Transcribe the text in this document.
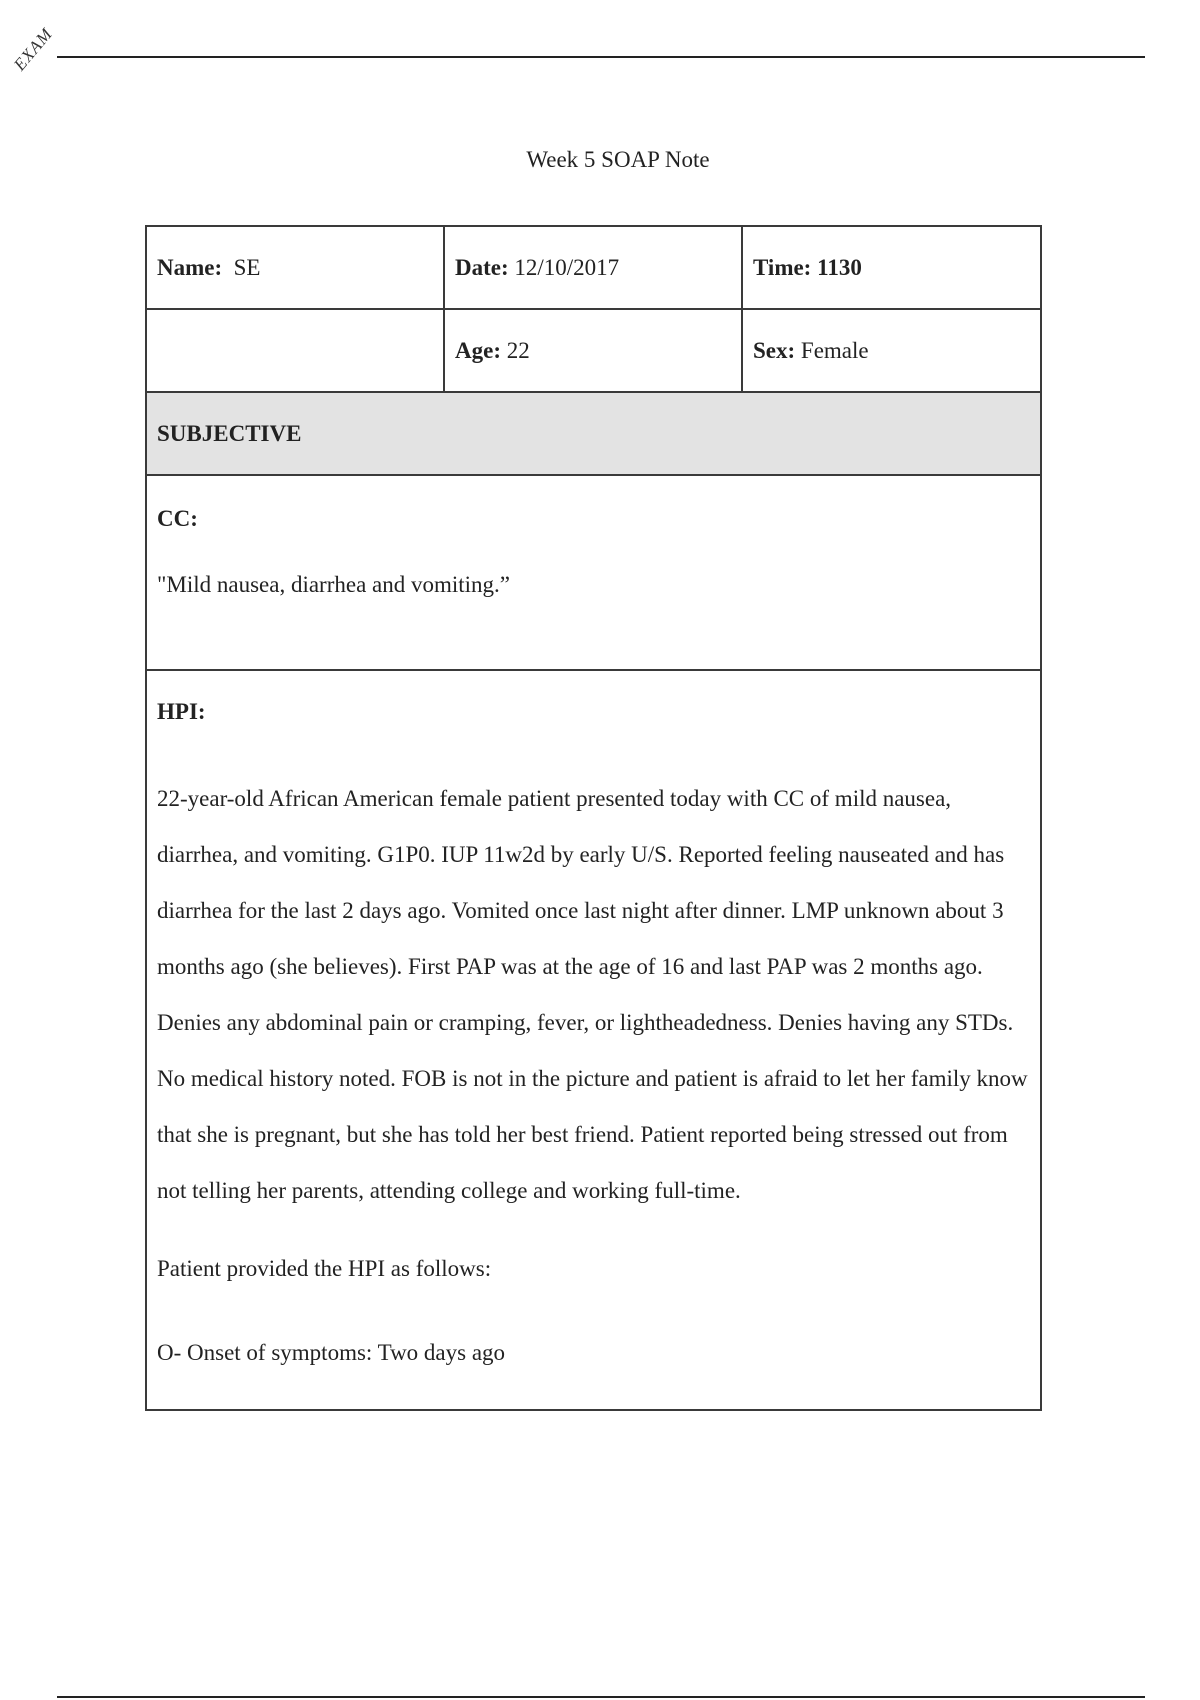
EXAM
Week 5 SOAP Note
Name: SE	Date: 12/10/2017	Time: 1130
	Age: 22	Sex: Female
SUBJECTIVE		

CC:

"Mild nausea, diarrhea and vomiting.”		

HPI:

22-year-old African American female patient presented today with CC of mild nausea, diarrhea, and vomiting. G1P0. IUP 11w2d by early U/S. Reported feeling nauseated and has diarrhea for the last 2 days ago. Vomited once last night after dinner. LMP unknown about 3 months ago (she believes). First PAP was at the age of 16 and last PAP was 2 months ago. Denies any abdominal pain or cramping, fever, or lightheadedness. Denies having any STDs. No medical history noted. FOB is not in the picture and patient is afraid to let her family know that she is pregnant, but she has told her best friend. Patient reported being stressed out from not telling her parents, attending college and working full-time.

Patient provided the HPI as follows:

O- Onset of symptoms: Two days ago		
